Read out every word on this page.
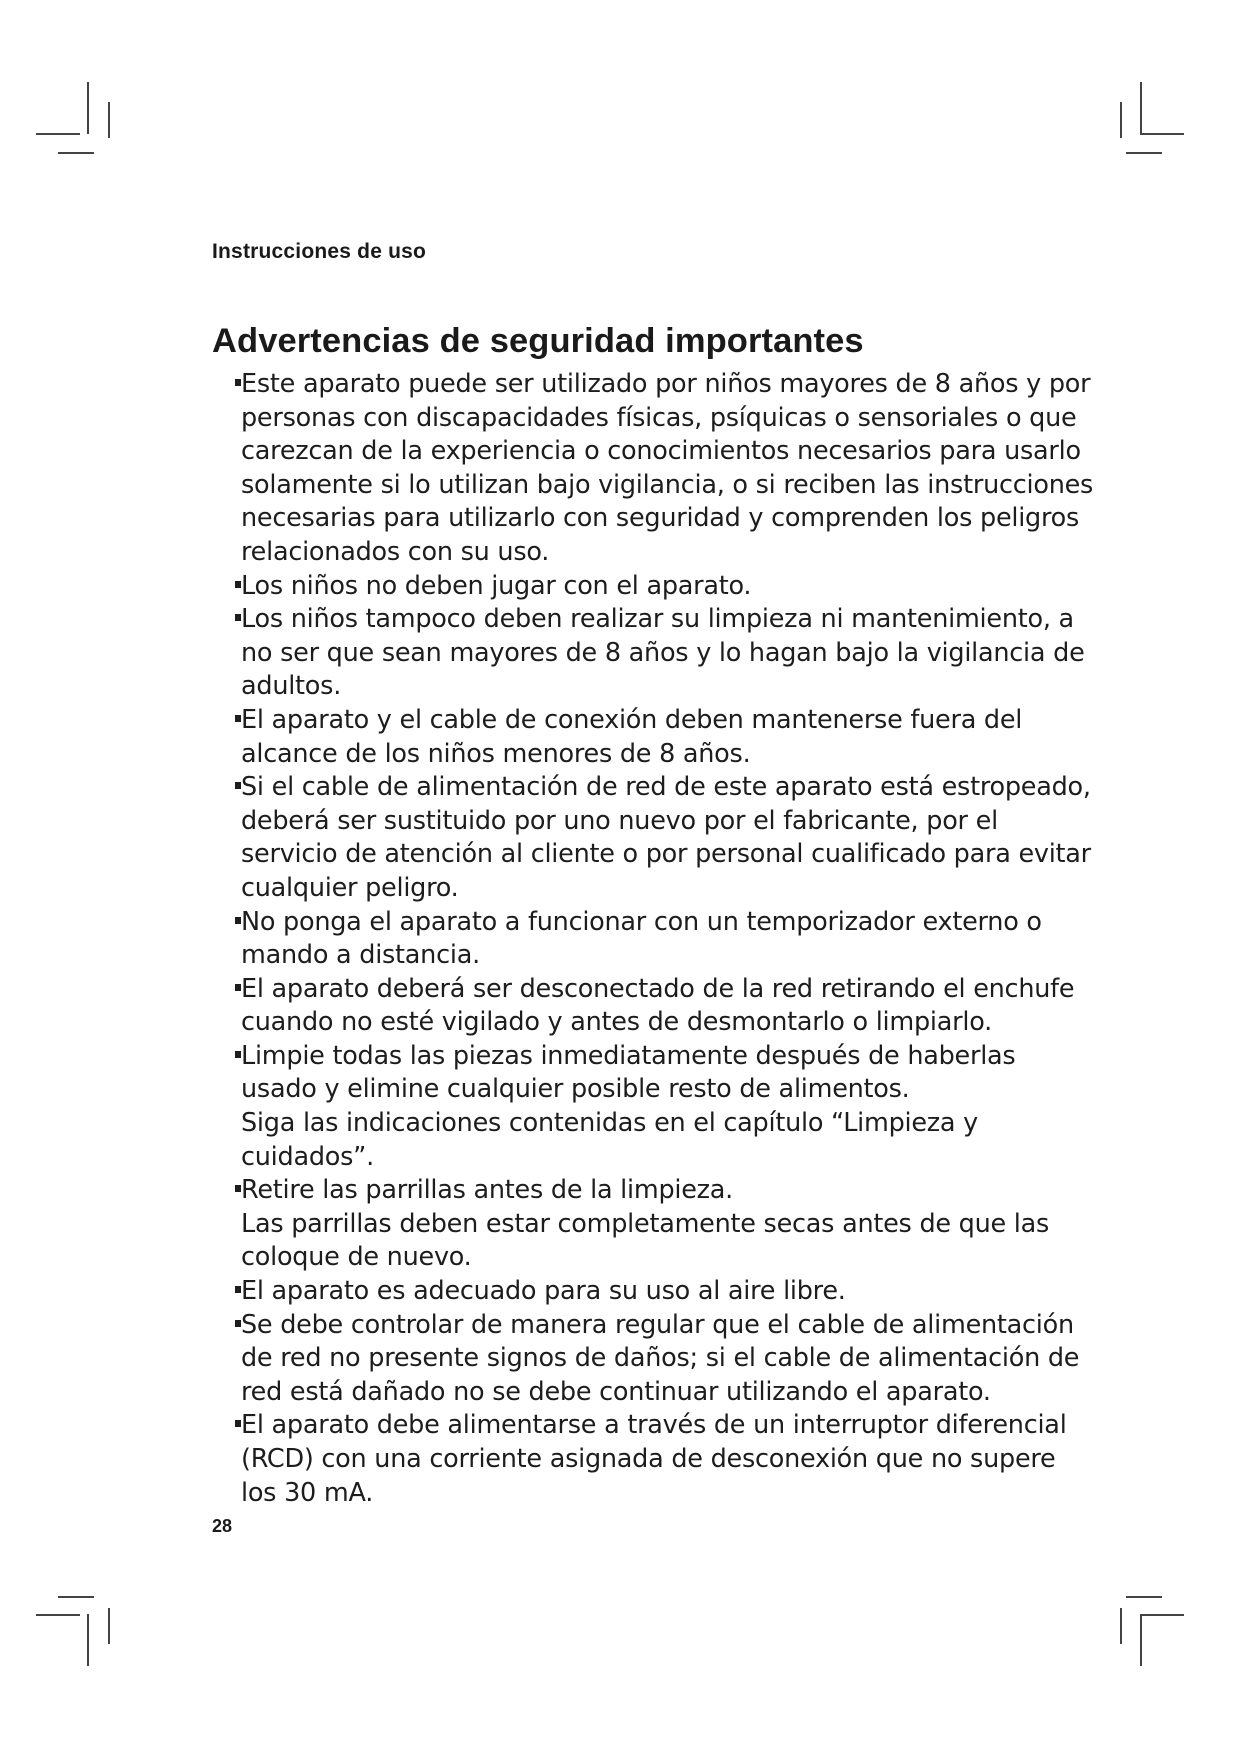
Instrucciones de uso
Advertencias de seguridad importantes

Este aparato puede ser utilizado por niños mayores de 8 años y por personas con discapacidades físicas, psíquicas o sensoriales o que carezcan de la experiencia o conocimientos necesarios para usarlo solamente si lo utilizan bajo vigilancia, o si reciben las instrucciones necesarias para utilizarlo con seguridad y comprenden los peligros relacionados con su uso.

Los niños no deben jugar con el aparato.

Los niños tampoco deben realizar su limpieza ni mantenimiento, a no ser que sean mayores de 8 años y lo hagan bajo la vigilancia de adultos.

El aparato y el cable de conexión deben mantenerse fuera del alcance de los niños menores de 8 años.

Si el cable de alimentación de red de este aparato está estropeado, deberá ser sustituido por uno nuevo por el fabricante, por el servicio de atención al cliente o por personal cualificado para evitar cualquier peligro.

No ponga el aparato a funcionar con un temporizador externo o mando a distancia.

El aparato deberá ser desconectado de la red retirando el enchufe cuando no esté vigilado y antes de desmontarlo o limpiarlo.

Limpie todas las piezas inmediatamente después de haberlas usado y elimine cualquier posible resto de alimentos.

Siga las indicaciones contenidas en el capítulo “Limpieza y cuidados”.

Retire las parrillas antes de la limpieza.

Las parrillas deben estar completamente secas antes de que las coloque de nuevo.

El aparato es adecuado para su uso al aire libre.

Se debe controlar de manera regular que el cable de alimentación de red no presente signos de daños; si el cable de alimentación de red está dañado no se debe continuar utilizando el aparato.

El aparato debe alimentarse a través de un interruptor diferencial (RCD) con una corriente asignada de desconexión que no supere los 30 mA.

28
